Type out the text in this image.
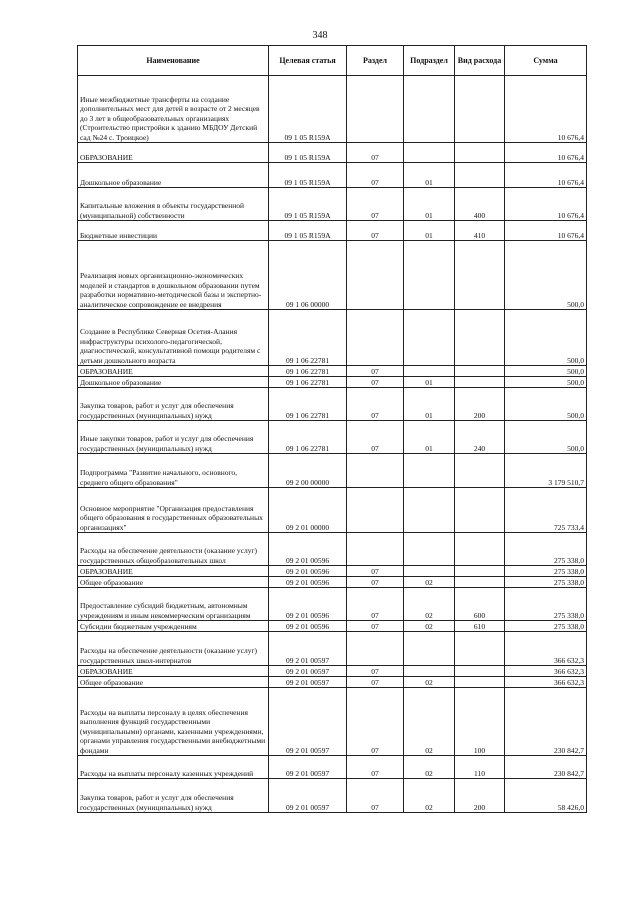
348
Наименование	Целевая статья	Раздел	Подраздел	Вид расхода	Сумма
Иные межбюджетные трансферты на создание дополнительных мест для детей в возрасте от 2 месяцев до 3 лет в общеобразовательных организациях (Строительство пристройки к зданию МБДОУ Детский сад №24 с. Троицкое)	09 1 05 R159A				10 676,4
ОБРАЗОВАНИЕ	09 1 05 R159A	07			10 676,4
Дошкольное образование	09 1 05 R159A	07	01		10 676,4
Капитальные вложения в объекты государственной (муниципальной) собственности	09 1 05 R159A	07	01	400	10 676,4
Бюджетные инвестиции	09 1 05 R159A	07	01	410	10 676,4
Реализация новых организационно-экономических моделей и стандартов в дошкольном образовании путем разработки нормативно-методической базы и экспертно-аналитическое сопровождение ее внедрения	09 1 06 00000				500,0
Создание в Республике Северная Осетия-Алания инфраструктуры психолого-педагогической, диагностической, консультативной помощи родителям с детьми дошкольного возраста	09 1 06 22781				500,0
ОБРАЗОВАНИЕ	09 1 06 22781	07			500,0
Дошкольное образование	09 1 06 22781	07	01		500,0
Закупка товаров, работ и услуг для обеспечения государственных (муниципальных) нужд	09 1 06 22781	07	01	200	500,0
Иные закупки товаров, работ и услуг для обеспечения государственных (муниципальных) нужд	09 1 06 22781	07	01	240	500,0
Подпрограмма "Развитие начального, основного, среднего общего образования"	09 2 00 00000				3 179 510,7
Основное мероприятие "Организация предоставления общего образования в государственных образовательных организациях"	09 2 01 00000				725 733,4
Расходы на обеспечение деятельности (оказание услуг) государственных общеобразовательных школ	09 2 01 00596				275 338,0
ОБРАЗОВАНИЕ	09 2 01 00596	07			275 338,0
Общее образование	09 2 01 00596	07	02		275 338,0
Предоставление субсидий бюджетным, автономным учреждениям и иным некоммерческим организациям	09 2 01 00596	07	02	600	275 338,0
Субсидии бюджетным учреждениям	09 2 01 00596	07	02	610	275 338,0
Расходы на обеспечение деятельности (оказание услуг) государственных школ-интернатов	09 2 01 00597				366 632,3
ОБРАЗОВАНИЕ	09 2 01 00597	07			366 632,3
Общее образование	09 2 01 00597	07	02		366 632,3
Расходы на выплаты персоналу в целях обеспечения выполнения функций государственными (муниципальными) органами, казенными учреждениями, органами управления государственными внебюджетными фондами	09 2 01 00597	07	02	100	230 842,7
Расходы на выплаты персоналу казенных учреждений	09 2 01 00597	07	02	110	230 842,7
Закупка товаров, работ и услуг для обеспечения государственных (муниципальных) нужд	09 2 01 00597	07	02	200	58 426,0
